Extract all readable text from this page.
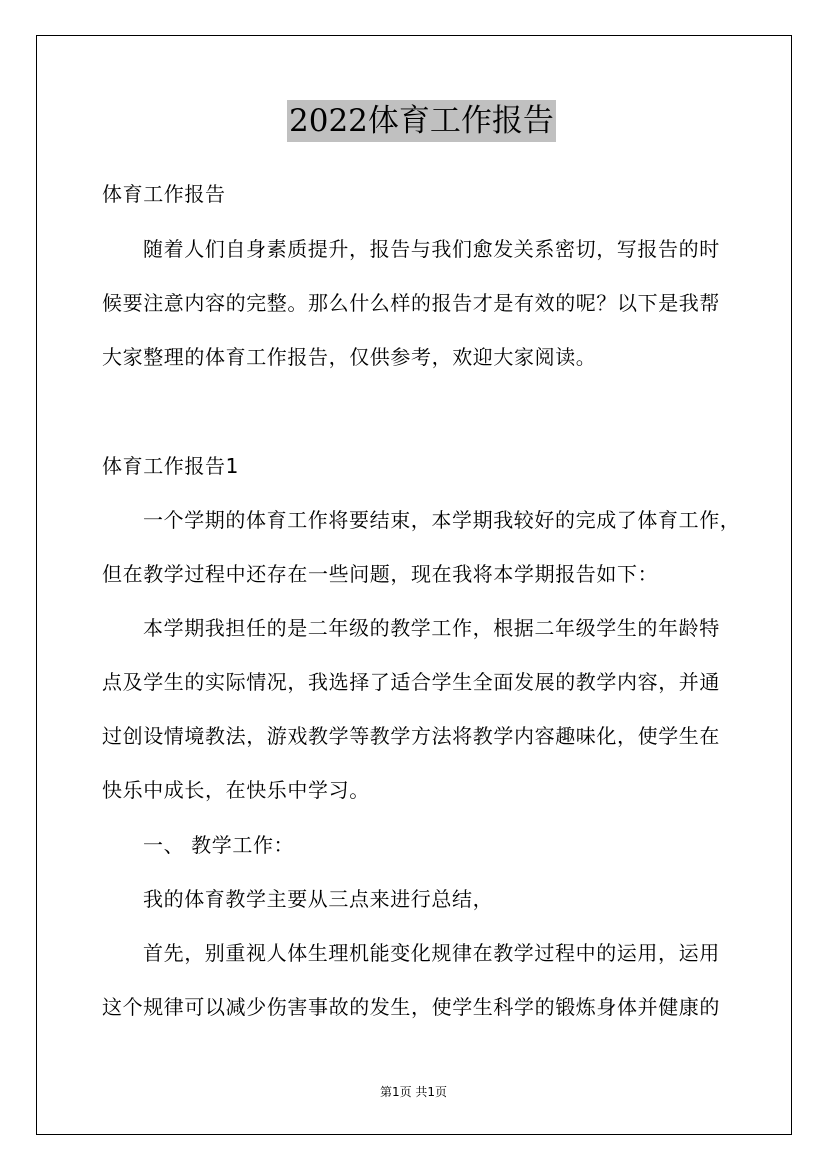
2022体育工作报告
体育工作报告
随着人们自身素质提升，报告与我们愈发关系密切，写报告的时
候要注意内容的完整。那么什么样的报告才是有效的呢？以下是我帮
大家整理的体育工作报告，仅供参考，欢迎大家阅读。
体育工作报告1
一个学期的体育工作将要结束，本学期我较好的完成了体育工作，
但在教学过程中还存在一些问题，现在我将本学期报告如下：
本学期我担任的是二年级的教学工作，根据二年级学生的年龄特
点及学生的实际情况，我选择了适合学生全面发展的教学内容，并通
过创设情境教法，游戏教学等教学方法将教学内容趣味化，使学生在
快乐中成长，在快乐中学习。
一、 教学工作：
我的体育教学主要从三点来进行总结，
首先，别重视人体生理机能变化规律在教学过程中的运用，运用
这个规律可以减少伤害事故的发生，使学生科学的锻炼身体并健康的
第1页 共1页
